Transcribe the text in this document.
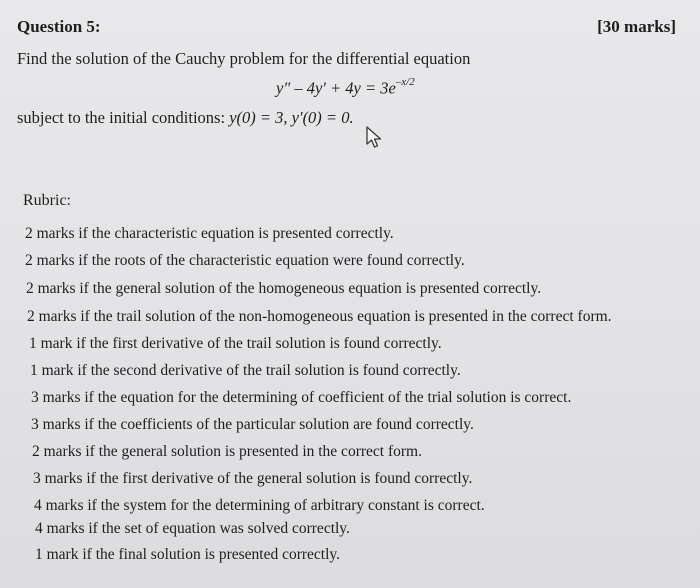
Question 5:	[30 marks]
Find the solution of the Cauchy problem for the differential equation
$y'' - 4y' + 4y = 3e^{-x/2}$
subject to the initial conditions: y(0) = 3, y′(0) = 0.
Rubric:
2 marks if the characteristic equation is presented correctly.
2 marks if the roots of the characteristic equation were found correctly.
2 marks if the general solution of the homogeneous equation is presented correctly.
2 marks if the trail solution of the non-homogeneous equation is presented in the correct form.
1 mark if the first derivative of the trail solution is found correctly.
1 mark if the second derivative of the trail solution is found correctly.
3 marks if the equation for the determining of coefficient of the trial solution is correct.
3 marks if the coefficients of the particular solution are found correctly.
2 marks if the general solution is presented in the correct form.
3 marks if the first derivative of the general solution is found correctly.
4 marks if the system for the determining of arbitrary constant is correct.
4 marks if the set of equation was solved correctly.
1 mark if the final solution is presented correctly.
